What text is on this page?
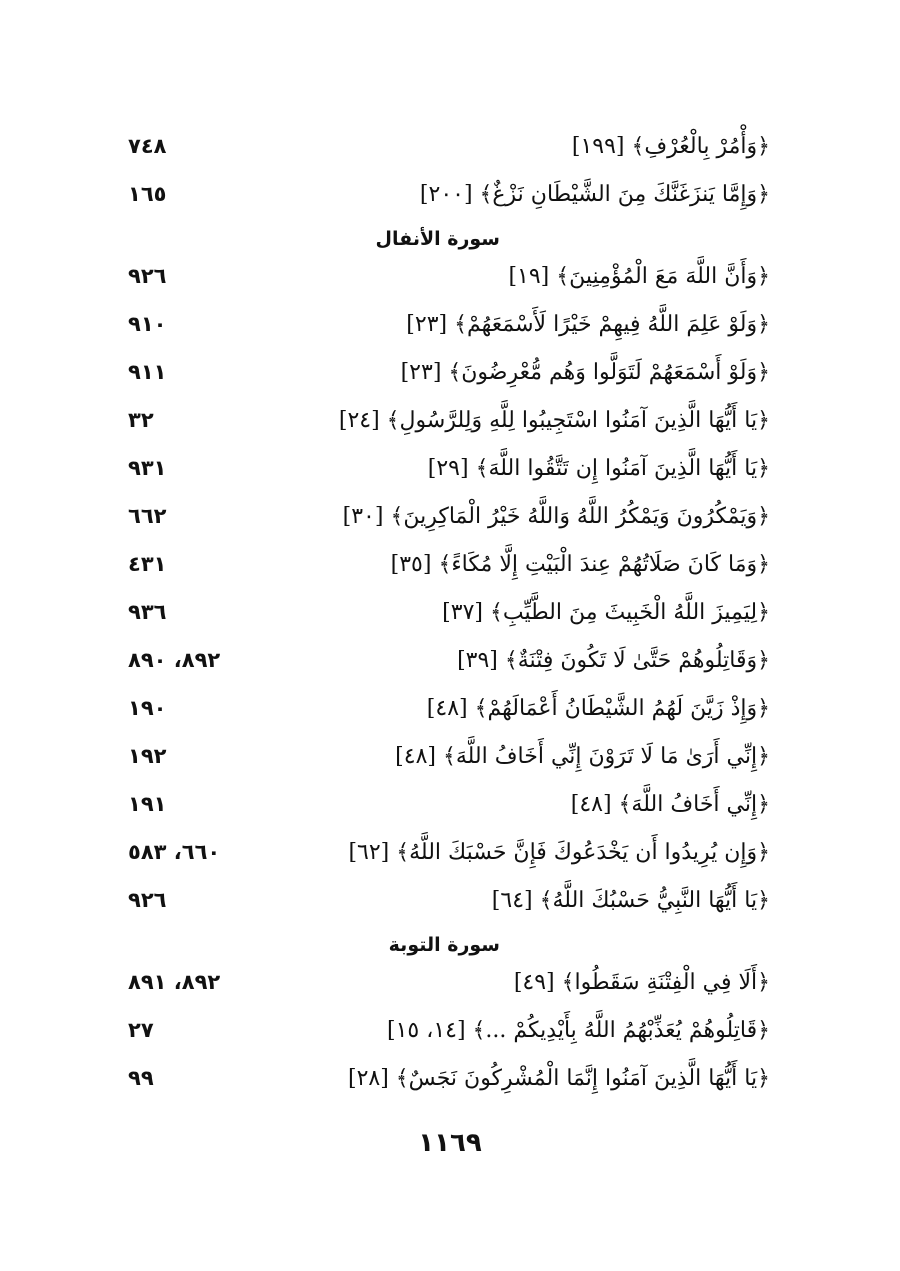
﴿وَأْمُرْ بِالْعُرْفِ﴾ [١٩٩]
٧٤٨
﴿وَإِمَّا يَنزَغَنَّكَ مِنَ الشَّيْطَانِ نَزْغٌ﴾ [٢٠٠]
١٦٥
سورة الأنفال
﴿وَأَنَّ اللَّهَ مَعَ الْمُؤْمِنِينَ﴾ [١٩]
٩٢٦
﴿وَلَوْ عَلِمَ اللَّهُ فِيهِمْ خَيْرًا لَأَسْمَعَهُمْ﴾ [٢٣]
٩١٠
﴿وَلَوْ أَسْمَعَهُمْ لَتَوَلَّوا وَهُم مُّعْرِضُونَ﴾ [٢٣]
٩١١
﴿يَا أَيُّهَا الَّذِينَ آمَنُوا اسْتَجِيبُوا لِلَّهِ وَلِلرَّسُولِ﴾ [٢٤]
٣٢
﴿يَا أَيُّهَا الَّذِينَ آمَنُوا إِن تَتَّقُوا اللَّهَ﴾ [٢٩]
٩٣١
﴿وَيَمْكُرُونَ وَيَمْكُرُ اللَّهُ وَاللَّهُ خَيْرُ الْمَاكِرِينَ﴾ [٣٠]
٦٦٢
﴿وَمَا كَانَ صَلَاتُهُمْ عِندَ الْبَيْتِ إِلَّا مُكَاءً﴾ [٣٥]
٤٣١
﴿لِيَمِيزَ اللَّهُ الْخَبِيثَ مِنَ الطَّيِّبِ﴾ [٣٧]
٩٣٦
﴿وَقَاتِلُوهُمْ حَتَّىٰ لَا تَكُونَ فِتْنَةٌ﴾ [٣٩]
٨٩٢، ٨٩٠
﴿وَإِذْ زَيَّنَ لَهُمُ الشَّيْطَانُ أَعْمَالَهُمْ﴾ [٤٨]
١٩٠
﴿إِنِّي أَرَىٰ مَا لَا تَرَوْنَ إِنِّي أَخَافُ اللَّهَ﴾ [٤٨]
١٩٢
﴿إِنِّي أَخَافُ اللَّهَ﴾ [٤٨]
١٩١
﴿وَإِن يُرِيدُوا أَن يَخْدَعُوكَ فَإِنَّ حَسْبَكَ اللَّهُ﴾ [٦٢]
٦٦٠، ٥٨٣
﴿يَا أَيُّهَا النَّبِيُّ حَسْبُكَ اللَّهُ﴾ [٦٤]
٩٢٦
سورة التوبة
﴿أَلَا فِي الْفِتْنَةِ سَقَطُوا﴾ [٤٩]
٨٩٢، ٨٩١
﴿قَاتِلُوهُمْ يُعَذِّبْهُمُ اللَّهُ بِأَيْدِيكُمْ ...﴾ [١٤، ١٥]
٢٧
﴿يَا أَيُّهَا الَّذِينَ آمَنُوا إِنَّمَا الْمُشْرِكُونَ نَجَسٌ﴾ [٢٨]
٩٩
١١٦٩
